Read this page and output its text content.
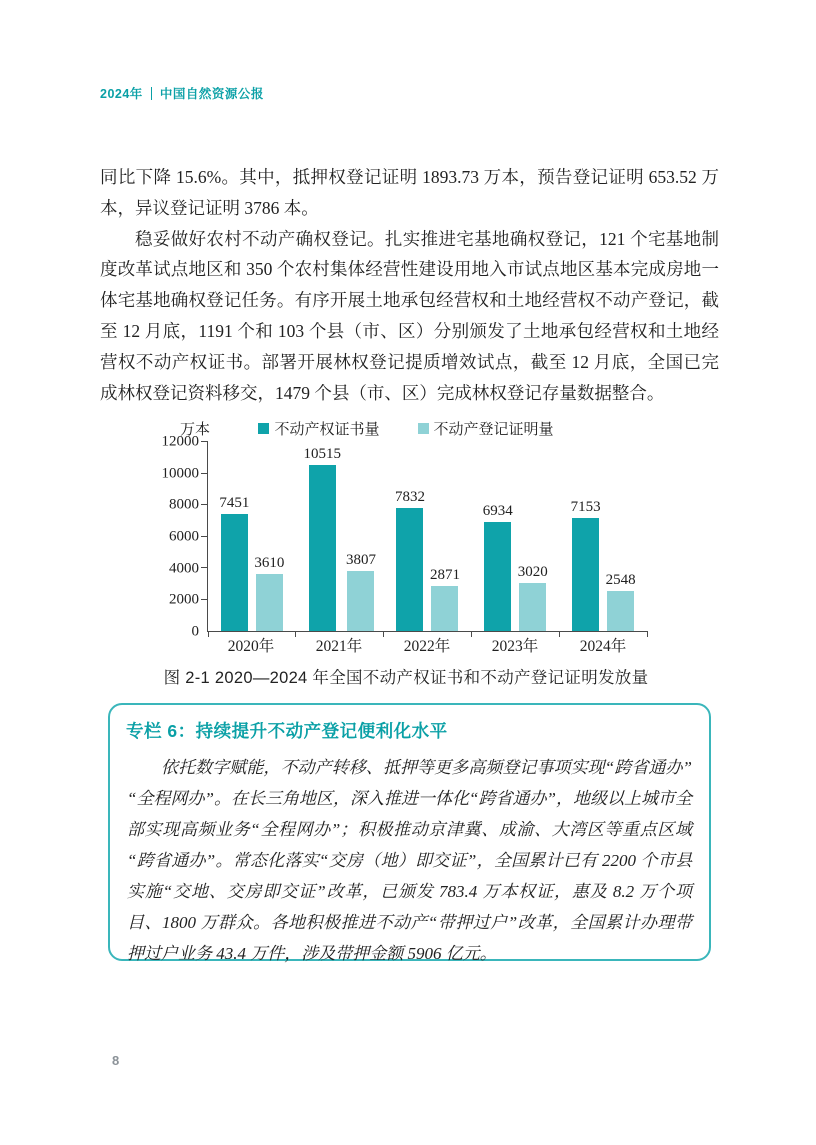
2024年 中国自然资源公报

同比下降 15.6%。其中，抵押权登记证明 1893.73 万本，预告登记证明 653.52 万本，异议登记证明 3786 本。

稳妥做好农村不动产确权登记。扎实推进宅基地确权登记，121 个宅基地制度改革试点地区和 350 个农村集体经营性建设用地入市试点地区基本完成房地一体宅基地确权登记任务。有序开展土地承包经营权和土地经营权不动产登记，截至 12 月底，1191 个和 103 个县（市、区）分别颁发了土地承包经营权和土地经营权不动产权证书。部署开展林权登记提质增效试点，截至 12 月底，全国已完成林权登记资料移交，1479 个县（市、区）完成林权登记存量数据整合。

万本	不动产权证书量	不动产登记证明量
0
2000
4000
6000
8000
10000
12000
7451
3610
10515
3807
7832
2871
6934
3020
7153
2548
2020年	2021年	2022年	2023年	2024年
图 2-1 2020—2024 年全国不动产权证书和不动产登记证明发放量
专栏 6：持续提升不动产登记便利化水平
依托数字赋能，不动产转移、抵押等更多高频登记事项实现“跨省通办”“全程网办”。在长三角地区，深入推进一体化“跨省通办”，地级以上城市全部实现高频业务“全程网办”；积极推动京津冀、成渝、大湾区等重点区域“跨省通办”。常态化落实“交房（地）即交证”，全国累计已有 2200 个市县实施“交地、交房即交证”改革，已颁发 783.4 万本权证，惠及 8.2 万个项目、1800 万群众。各地积极推进不动产“带押过户”改革，全国累计办理带押过户业务 43.4 万件，涉及带押金额 5906 亿元。
8
